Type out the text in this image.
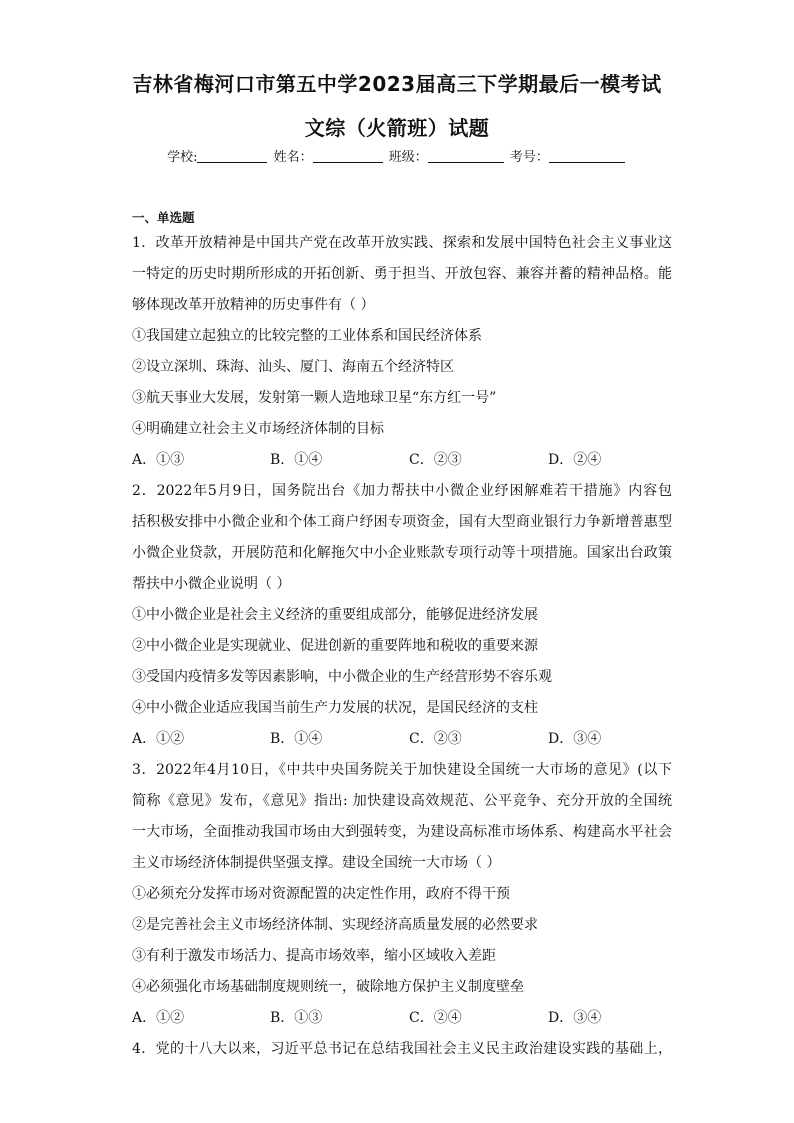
吉林省梅河口市第五中学2023届高三下学期最后一模考试
文综（火箭班）试题
学校:	姓名：	班级：	考号：
一、单选题
1．改革开放精神是中国共产党在改革开放实践、探索和发展中国特色社会主义事业这
一特定的历史时期所形成的开拓创新、勇于担当、开放包容、兼容并蓄的精神品格。能
够体现改革开放精神的历史事件有（ ）
①我国建立起独立的比较完整的工业体系和国民经济体系
②设立深圳、珠海、汕头、厦门、海南五个经济特区
③航天事业大发展，发射第一颗人造地球卫星“东方红一号”
④明确建立社会主义市场经济体制的目标
A．①③	B．①④	C．②③	D．②④
2．2022年5月9日，国务院出台《加力帮扶中小微企业纾困解难若干措施》内容包
括积极安排中小微企业和个体工商户纾困专项资金，国有大型商业银行力争新增普惠型
小微企业贷款，开展防范和化解拖欠中小企业账款专项行动等十项措施。国家出台政策
帮扶中小微企业说明（ ）
①中小微企业是社会主义经济的重要组成部分，能够促进经济发展
②中小微企业是实现就业、促进创新的重要阵地和税收的重要来源
③受国内疫情多发等因素影响，中小微企业的生产经营形势不容乐观
④中小微企业适应我国当前生产力发展的状况，是国民经济的支柱
A．①②	B．①④	C．②③	D．③④
3．2022年4月10日，《中共中央国务院关于加快建设全国统一大市场的意见》(以下
简称《意见》发布，《意见》指出: 加快建设高效规范、公平竞争、充分开放的全国统
一大市场，全面推动我国市场由大到强转变，为建设高标准市场体系、构建高水平社会
主义市场经济体制提供坚强支撑。建设全国统一大市场（ ）
①必须充分发挥市场对资源配置的决定性作用，政府不得干预
②是完善社会主义市场经济体制、实现经济高质量发展的必然要求
③有利于激发市场活力、提高市场效率，缩小区域收入差距
④必须强化市场基础制度规则统一，破除地方保护主义制度壁垒
A．①②	B．①③	C．②④	D．③④
4．党的十八大以来，习近平总书记在总结我国社会主义民主政治建设实践的基础上，
